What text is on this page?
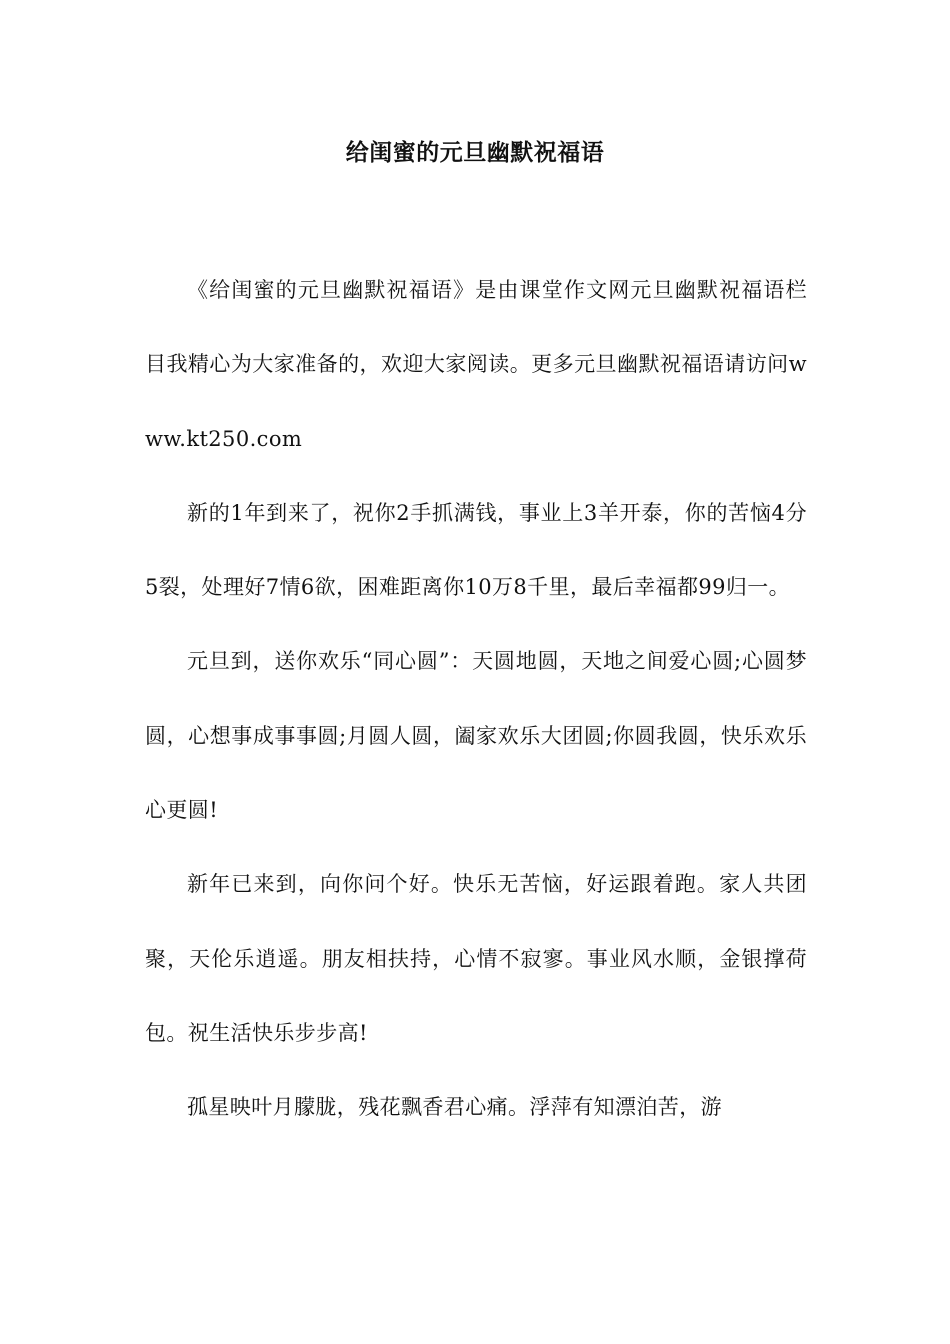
给闺蜜的元旦幽默祝福语

《给闺蜜的元旦幽默祝福语》是由课堂作文网元旦幽默祝福语栏目我精心为大家准备的，欢迎大家阅读。更多元旦幽默祝福语请访问www.kt250.com

新的1年到来了，祝你2手抓满钱，事业上3羊开泰，你的苦恼4分5裂，处理好7情6欲，困难距离你10万8千里，最后幸福都99归一。

元旦到，送你欢乐“同心圆”：天圆地圆，天地之间爱心圆;心圆梦圆，心想事成事事圆;月圆人圆，阖家欢乐大团圆;你圆我圆，快乐欢乐心更圆!

新年已来到，向你问个好。快乐无苦恼，好运跟着跑。家人共团聚，天伦乐逍遥。朋友相扶持，心情不寂寥。事业风水顺，金银撑荷包。祝生活快乐步步高!

孤星映叶月朦胧，残花飘香君心痛。浮萍有知漂泊苦，游
